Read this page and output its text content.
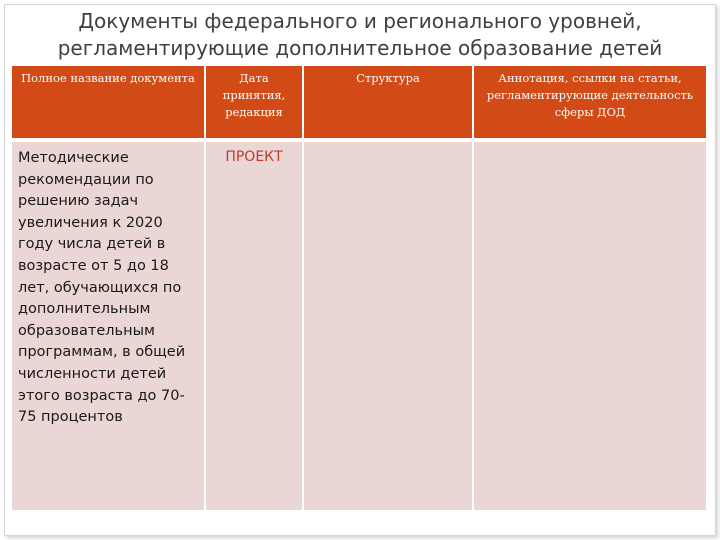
Документы федерального и регионального уровней,
регламентирующие дополнительное образование детей
Полное название документа	Дата принятия, редакция	Структура	Аннотация, ссылки на статьи, регламентирующие деятельность сферы ДОД
Методические рекомендации по решению задач увеличения к 2020 году числа детей в возрасте от 5 до 18 лет, обучающихся по дополнительным образовательным программам, в общей численности детей этого возраста до 70-75 процентов	ПРОЕКТ		
